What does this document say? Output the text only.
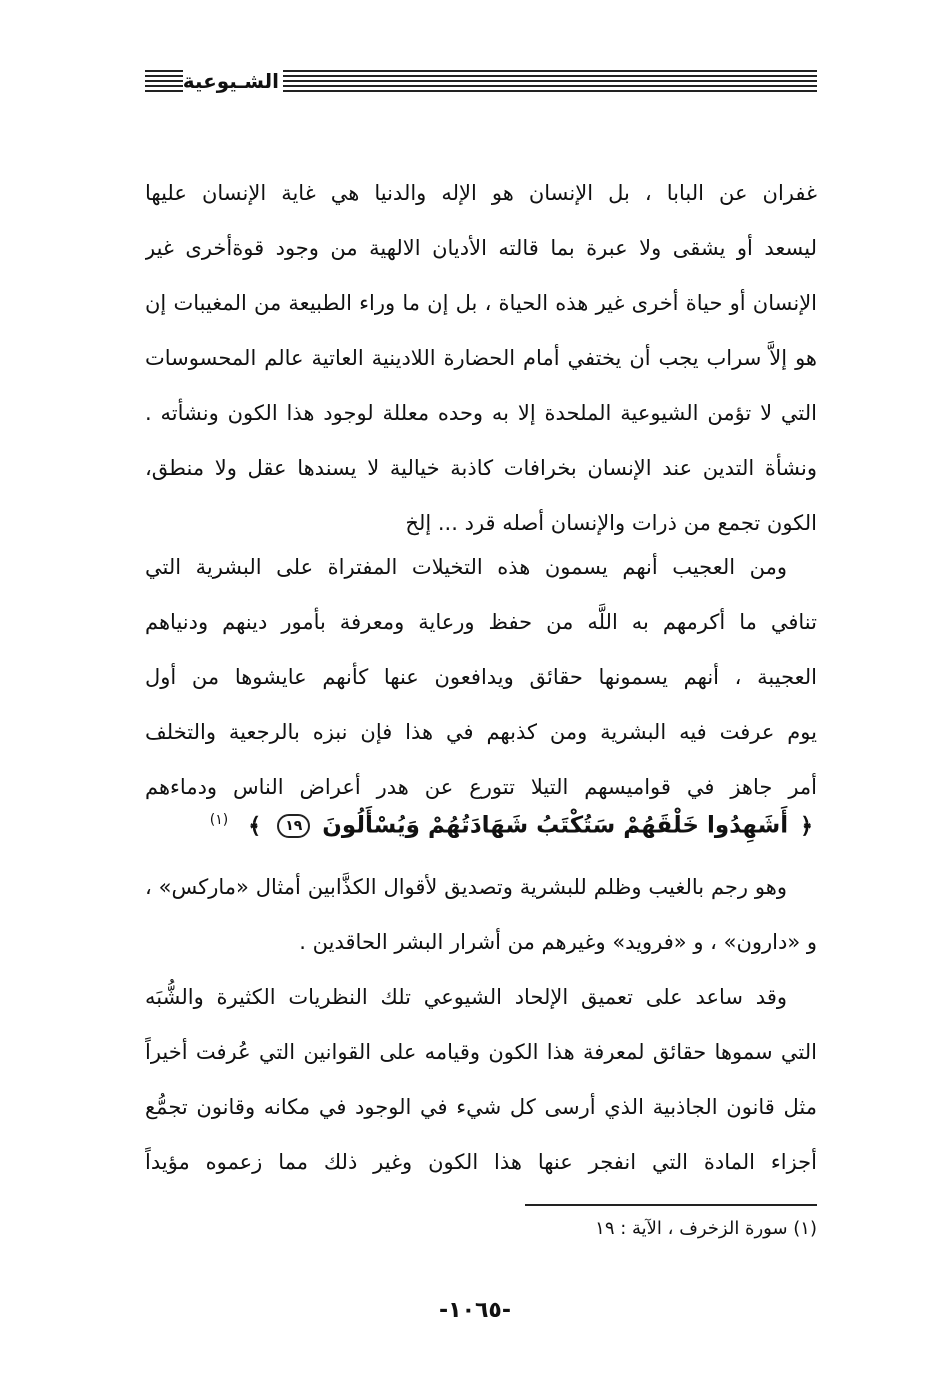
الشـيوعية
غفران عن البابا ، بل الإنسان هو الإله والدنيا هي غاية الإنسان عليها
ليسعد أو يشقى ولا عبرة بما قالته الأديان الالهية من وجود قوةأخرى غير
الإنسان أو حياة أخرى غير هذه الحياة ، بل إن ما وراء الطبيعة من المغيبات إن
هو إلاَّ سراب يجب أن يختفي أمام الحضارة اللادينية العاتية عالم المحسوسات
التي لا تؤمن الشيوعية الملحدة إلا به وحده معللة لوجود هذا الكون ونشأته .
ونشأة التدين عند الإنسان بخرافات كاذبة خيالية لا يسندها عقل ولا منطق،
الكون تجمع من ذرات والإنسان أصله قرد ... إلخ
ومن العجيب أنهم يسمون هذه التخيلات المفتراة على البشرية التي
تنافي ما أكرمهم به اللَّه من حفظ ورعاية ومعرفة بأمور دينهم ودنياهم
العجيبة ، أنهم يسمونها حقائق ويدافعون عنها كأنهم عايشوها من أول
يوم عرفت فيه البشرية ومن كذبهم في هذا فإن نبزه بالرجعية والتخلف
أمر جاهز في قواميسهم التيلا تتورع عن هدر أعراض الناس ودماءهم
﴿ أَشَهِدُوا خَلْقَهُمْ سَتُكْتَبُ شَهَادَتُهُمْ وَيُسْأَلُونَ ١٩ ﴾ $^{(١)}$
وهو رجم بالغيب وظلم للبشرية وتصديق لأقوال الكذَّابين أمثال «ماركس» ،
و «دارون» ، و «فرويد» وغيرهم من أشرار البشر الحاقدين .
وقد ساعد على تعميق الإلحاد الشيوعي تلك النظريات الكثيرة والشُّبَه
التي سموها حقائق لمعرفة هذا الكون وقيامه على القوانين التي عُرفت أخيراً
مثل قانون الجاذبية الذي أرسى كل شيء في الوجود في مكانه وقانون تجمُّع
أجزاء المادة التي انفجر عنها هذا الكون وغير ذلك مما زعموه مؤيداً
(١) سورة الزخرف ، الآية : ١٩
-١٠٦٥-
